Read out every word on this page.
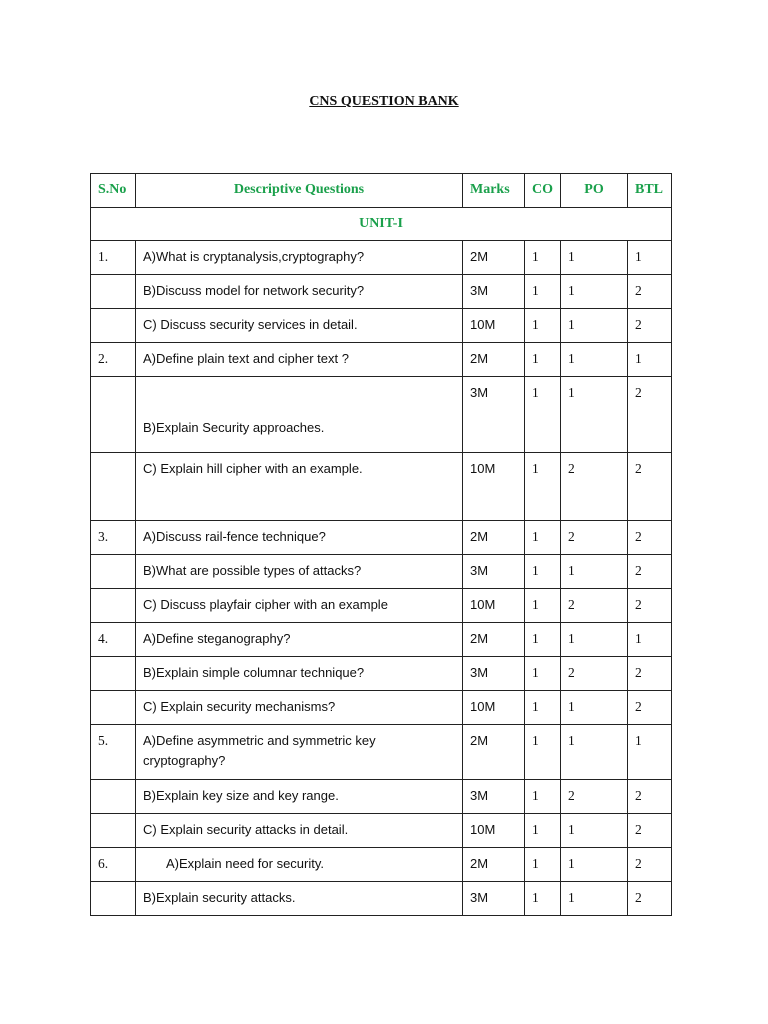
CNS QUESTION BANK
S.No	Descriptive Questions	Marks	CO	PO	BTL
UNIT-I					
1.	A)What is cryptanalysis,cryptography?	2M	1	1	1
	B)Discuss model for network security?	3M	1	1	2
	C) Discuss security services in detail.	10M	1	1	2
2.	A)Define plain text and cipher text ?	2M	1	1	1
	B)Explain Security approaches.	3M	1	1	2
	C) Explain hill cipher with an example.	10M	1	2	2
3.	A)Discuss rail-fence technique?	2M	1	2	2
	B)What are possible types of attacks?	3M	1	1	2
	C) Discuss playfair cipher with an example	10M	1	2	2
4.	A)Define steganography?	2M	1	1	1
	B)Explain simple columnar technique?	3M	1	2	2
	C) Explain security mechanisms?	10M	1	1	2
5.	A)Define asymmetric and symmetric key cryptography?	2M	1	1	1
	B)Explain key size and key range.	3M	1	2	2
	C) Explain security attacks in detail.	10M	1	1	2
6.	A)Explain need for security.	2M	1	1	2
	B)Explain security attacks.	3M	1	1	2
